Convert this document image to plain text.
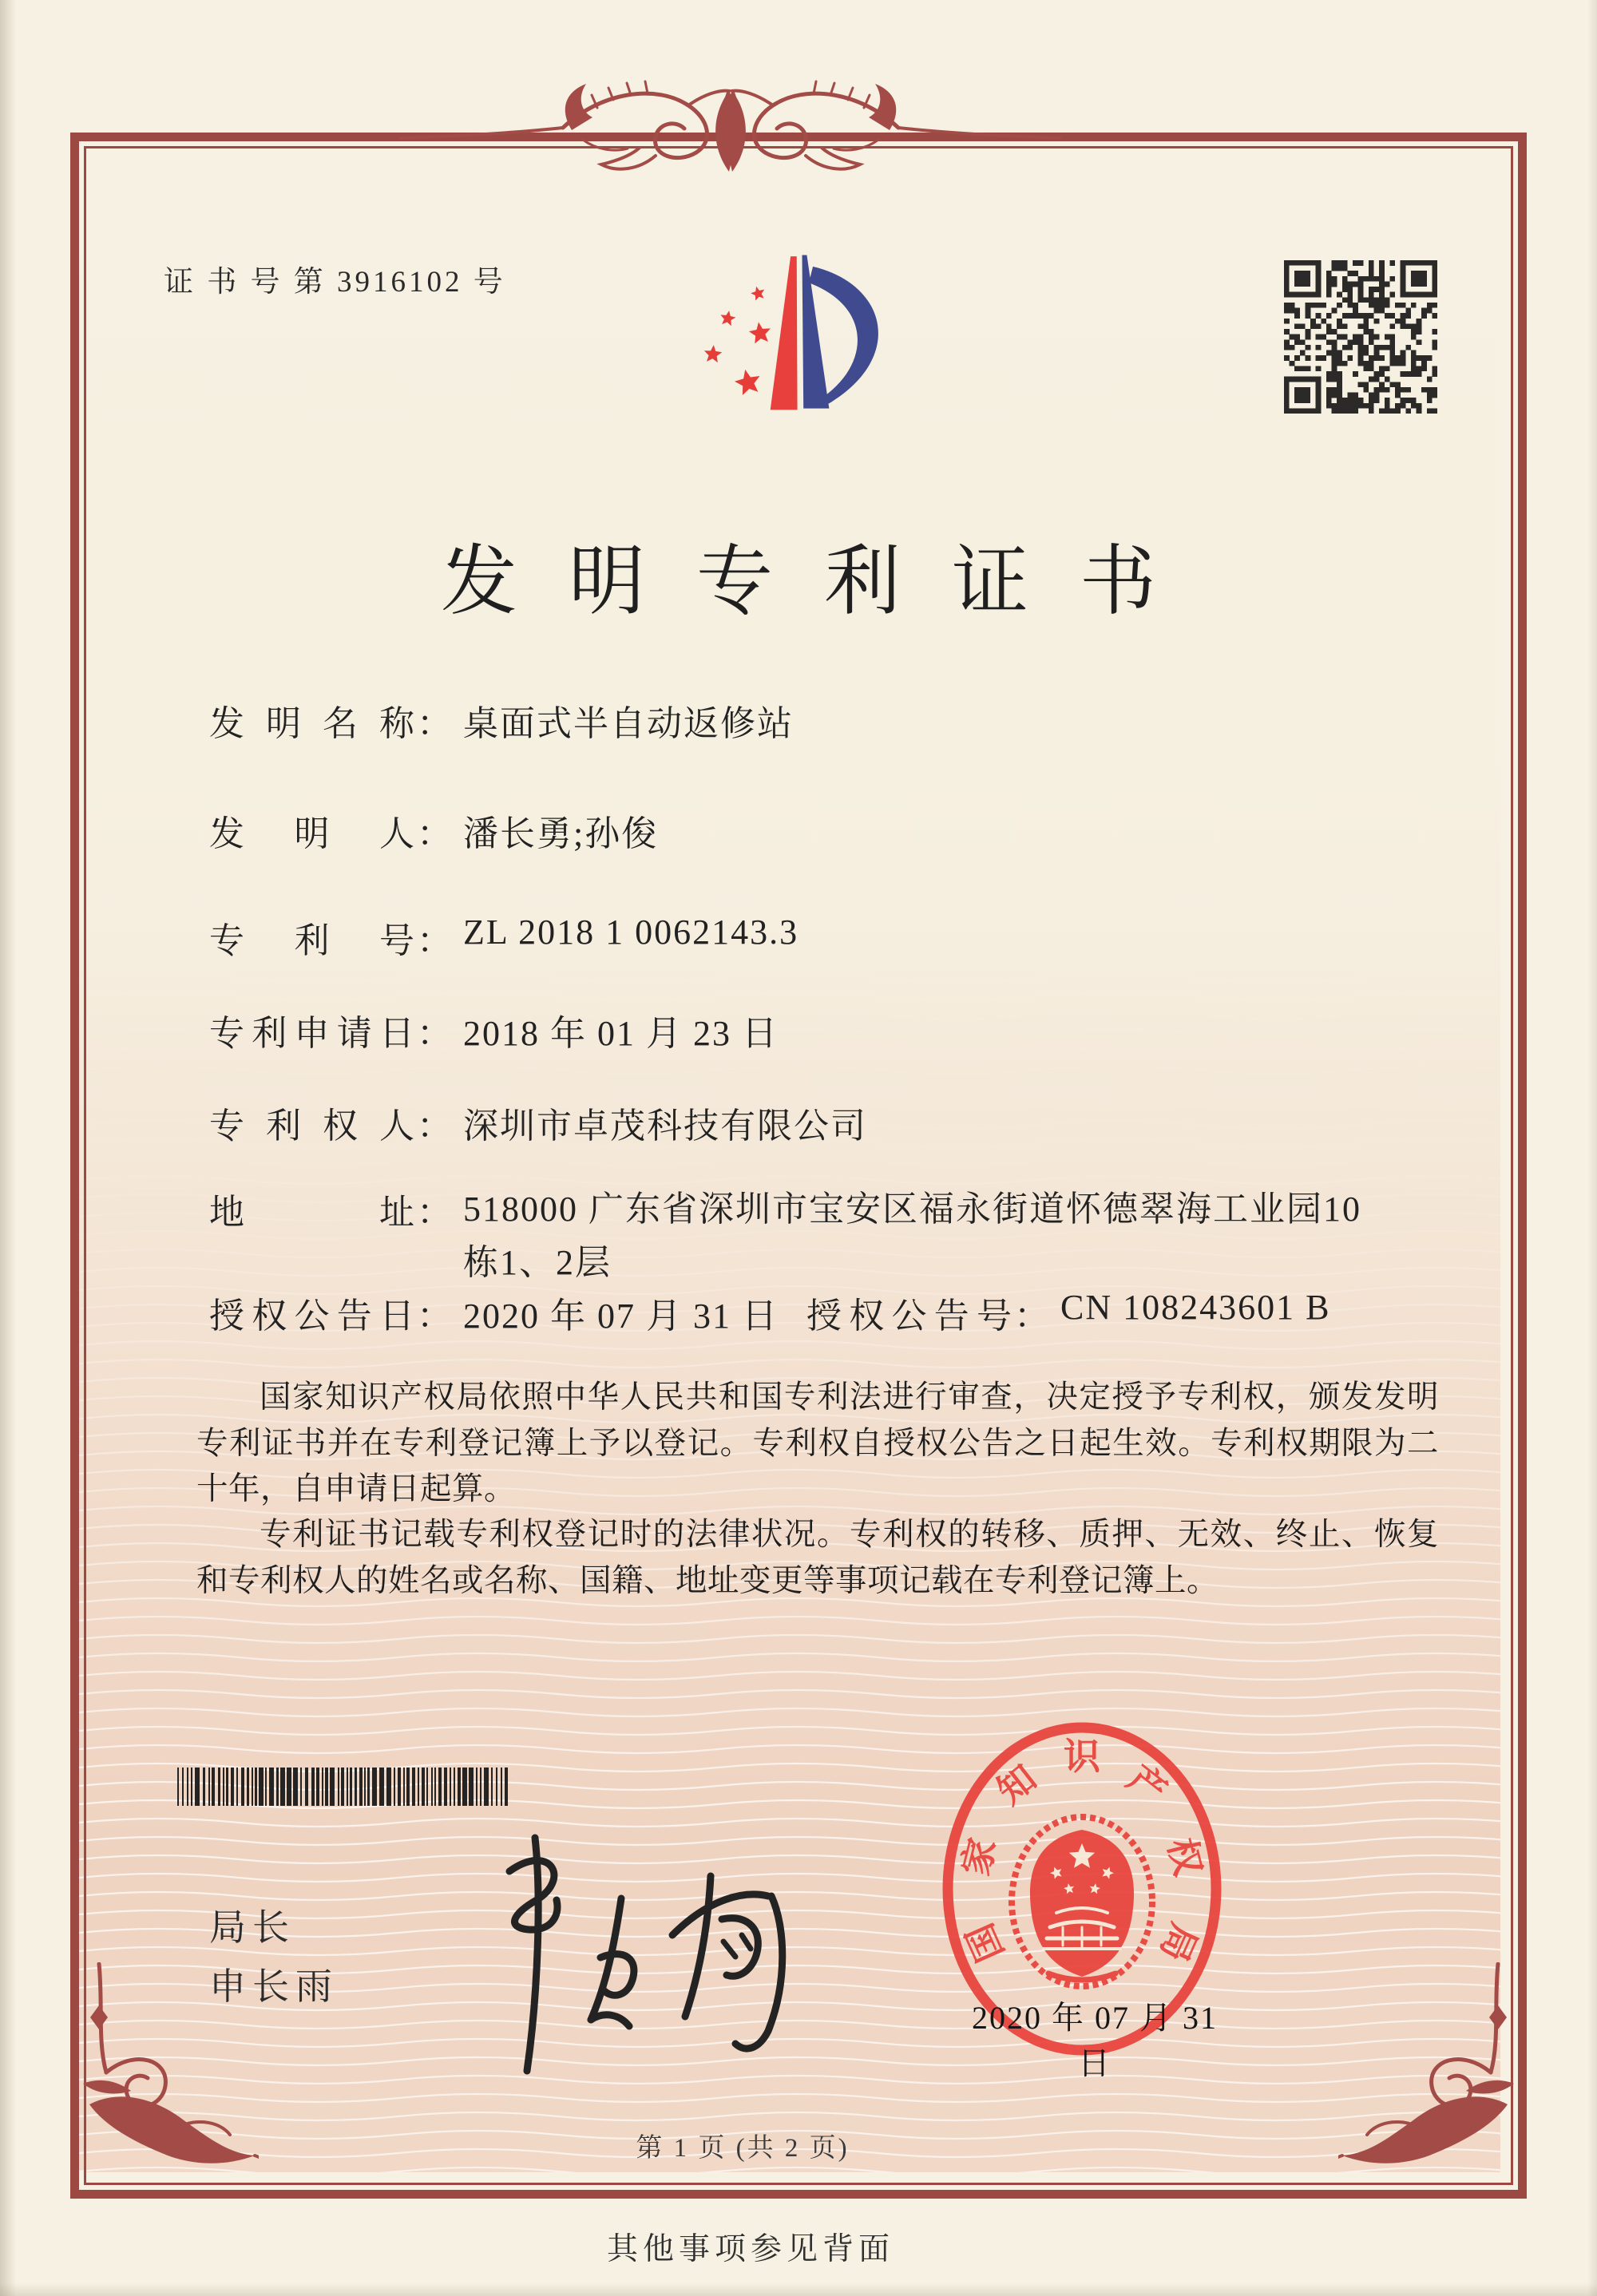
证 书 号 第 3916102 号
发明专利证书
发明名称 ： 桌面式半自动返修站
发明人 ： 潘长勇;孙俊
专利号 ： ZL 2018 1 0062143.3
专利申请日 ： 2018 年 01 月 23 日
专利权人 ： 深圳市卓茂科技有限公司
地址 ： 518000 广东省深圳市宝安区福永街道怀德翠海工业园10栋1、2层
授权公告日 ： 2020 年 07 月 31 日 授权公告号 ： CN 108243601 B
国家知识产权局依照中华人民共和国专利法进行审查，决定授予专利权，颁发发明专利证书并在专利登记簿上予以登记。专利权自授权公告之日起生效。专利权期限为二十年，自申请日起算。
专利证书记载专利权登记时的法律状况。专利权的转移、质押、无效、终止、恢复和专利权人的姓名或名称、国籍、地址变更等事项记载在专利登记簿上。
局长
申长雨
国
家
知
识
产
权
局
2020 年 07 月 31 日
第 1 页 (共 2 页)
其他事项参见背面
